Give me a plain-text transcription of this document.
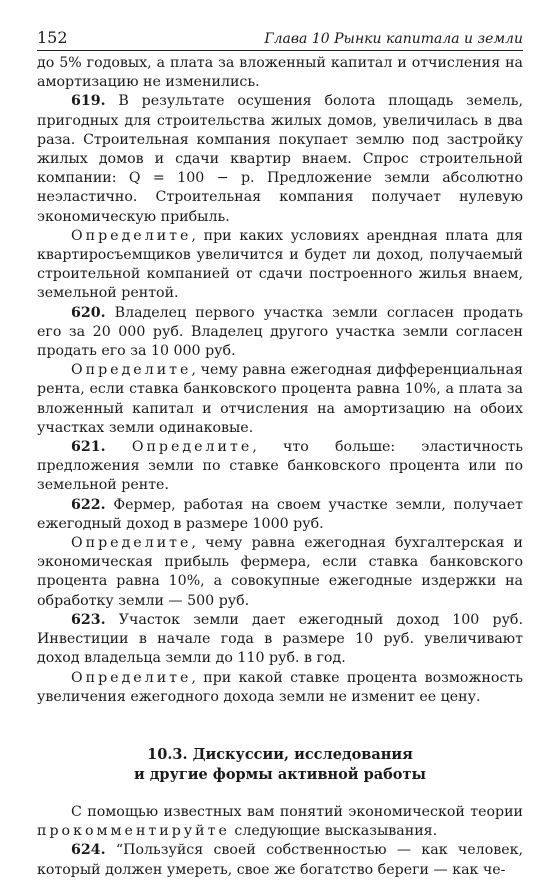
152	Глава 10 Рынки капитала и земли

до 5% годовых, а плата за вложенный капитал и отчисления на амортизацию не изменились.

619. В результате осушения болота площадь земель, пригодных для строительства жилых домов, увеличилась в два раза. Строительная компания покупает землю под застройку жилых домов и сдачи квартир внаем. Спрос строительной компании: Q = 100 − p. Предложение земли абсолютно неэластично. Строительная компания получает нулевую экономическую прибыль.

Определите, при каких условиях арендная плата для квартиросъемщиков увеличится и будет ли доход, получаемый строительной компанией от сдачи построенного жилья внаем, земельной рентой.

620. Владелец первого участка земли согласен продать его за 20 000 руб. Владелец другого участка земли согласен продать его за 10 000 руб.

Определите, чему равна ежегодная дифференциальная рента, если ставка банковского процента равна 10%, а плата за вложенный капитал и отчисления на амортизацию на обоих участках земли одинаковые.

621. Определите, что больше: эластичность предложения земли по ставке банковского процента или по земельной ренте.

622. Фермер, работая на своем участке земли, получает ежегодный доход в размере 1000 руб.

Определите, чему равна ежегодная бухгалтерская и экономическая прибыль фермера, если ставка банковского процента равна 10%, а совокупные ежегодные издержки на обработку земли — 500 руб.

623. Участок земли дает ежегодный доход 100 руб. Инвестиции в начале года в размере 10 руб. увеличивают доход владельца земли до 110 руб. в год.

Определите, при какой ставке процента возможность увеличения ежегодного дохода земли не изменит ее цену.

10.3. Дискуссии, исследования
и другие формы активной работы

С помощью известных вам понятий экономической теории прокомментируйте следующие высказывания.

624. “Пользуйся своей собственностью — как человек, который должен умереть, свое же богатство береги — как че-
